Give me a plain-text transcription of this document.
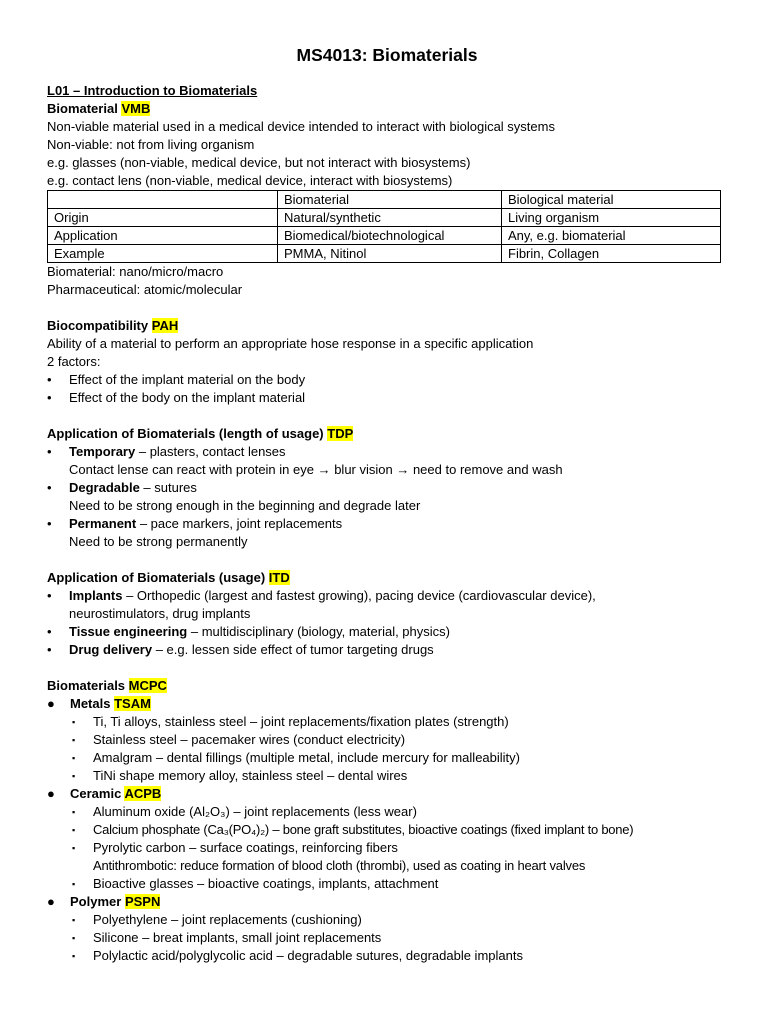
MS4013: Biomaterials
L01 – Introduction to Biomaterials
Biomaterial VMB
Non-viable material used in a medical device intended to interact with biological systems
Non-viable: not from living organism
e.g. glasses (non-viable, medical device, but not interact with biosystems)
e.g. contact lens (non-viable, medical device, interact with biosystems)
	Biomaterial	Biological material
Origin	Natural/synthetic	Living organism
Application	Biomedical/biotechnological	Any, e.g. biomaterial
Example	PMMA, Nitinol	Fibrin, Collagen
Biomaterial: nano/micro/macro
Pharmaceutical: atomic/molecular
Biocompatibility PAH
Ability of a material to perform an appropriate hose response in a specific application
2 factors:
• Effect of the implant material on the body
• Effect of the body on the implant material
Application of Biomaterials (length of usage) TDP
• Temporary – plasters, contact lenses
Contact lense can react with protein in eye → blur vision → need to remove and wash
• Degradable – sutures
Need to be strong enough in the beginning and degrade later
• Permanent – pace markers, joint replacements
Need to be strong permanently
Application of Biomaterials (usage) ITD
• Implants – Orthopedic (largest and fastest growing), pacing device (cardiovascular device),
neurostimulators, drug implants
• Tissue engineering – multidisciplinary (biology, material, physics)
• Drug delivery – e.g. lessen side effect of tumor targeting drugs
Biomaterials MCPC
● Metals TSAM
▪ Ti, Ti alloys, stainless steel – joint replacements/fixation plates (strength)
▪ Stainless steel – pacemaker wires (conduct electricity)
▪ Amalgram – dental fillings (multiple metal, include mercury for malleability)
▪ TiNi shape memory alloy, stainless steel – dental wires
● Ceramic ACPB
▪ Aluminum oxide (Al₂O₃) – joint replacements (less wear)
▪ Calcium phosphate (Ca₃(PO₄)₂) – bone graft substitutes, bioactive coatings (fixed implant to bone)
▪ Pyrolytic carbon – surface coatings, reinforcing fibers
Antithrombotic: reduce formation of blood cloth (thrombi), used as coating in heart valves
▪ Bioactive glasses – bioactive coatings, implants, attachment
● Polymer PSPN
▪ Polyethylene – joint replacements (cushioning)
▪ Silicone – breat implants, small joint replacements
▪ Polylactic acid/polyglycolic acid – degradable sutures, degradable implants
